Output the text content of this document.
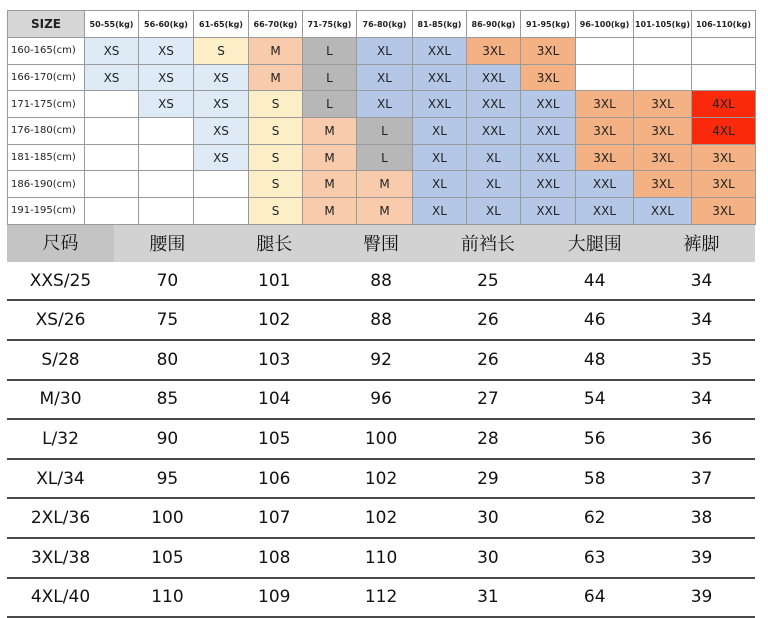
SIZE	50-55(kg)	56-60(kg)	61-65(kg)	66-70(kg)	71-75(kg)	76-80(kg)	81-85(kg)	86-90(kg)	91-95(kg)	96-100(kg)	101-105(kg)	106-110(kg)
160-165(cm)	XS	XS	S	M	L	XL	XXL	3XL	3XL			
166-170(cm)	XS	XS	XS	M	L	XL	XXL	XXL	3XL			
171-175(cm)		XS	XS	S	L	XL	XXL	XXL	XXL	3XL	3XL	4XL
176-180(cm)			XS	S	M	L	XL	XXL	XXL	3XL	3XL	4XL
181-185(cm)			XS	S	M	L	XL	XL	XXL	3XL	3XL	3XL
186-190(cm)				S	M	M	XL	XL	XXL	XXL	3XL	3XL
191-195(cm)				S	M	M	XL	XL	XXL	XXL	XXL	3XL
尺码	腰围	腿长	臀围	前裆长	大腿围	裤脚
XXS/25	70	101	88	25	44	34
XS/26	75	102	88	26	46	34
S/28	80	103	92	26	48	35
M/30	85	104	96	27	54	34
L/32	90	105	100	28	56	36
XL/34	95	106	102	29	58	37
2XL/36	100	107	102	30	62	38
3XL/38	105	108	110	30	63	39
4XL/40	110	109	112	31	64	39
